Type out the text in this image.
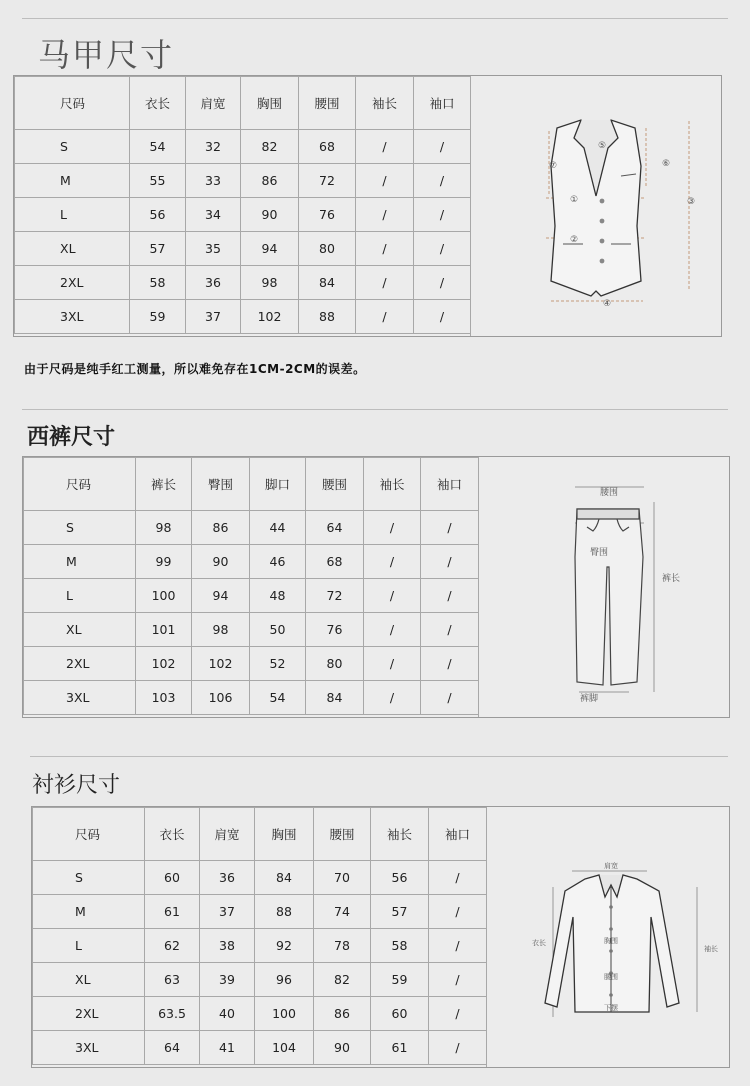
马甲尺寸
尺码	衣长	肩宽	胸围	腰围	袖长	袖口
S	54	32	82	68	/	/
M	55	33	86	72	/	/
L	56	34	90	76	/	/
XL	57	35	94	80	/	/
2XL	58	36	98	84	/	/
3XL	59	37	102	88	/	/
①
②
③
④
⑤
⑥
⑦
由于尺码是纯手红工测量，所以难免存在1CM-2CM的误差。
西裤尺寸
尺码	裤长	臀围	脚口	腰围	袖长	袖口
S	98	86	44	64	/	/
M	99	90	46	68	/	/
L	100	94	48	72	/	/
XL	101	98	50	76	/	/
2XL	102	102	52	80	/	/
3XL	103	106	54	84	/	/
腰围
臀围
裤长
裤脚
衬衫尺寸
尺码	衣长	肩宽	胸围	腰围	袖长	袖口
S	60	36	84	70	56	/
M	61	37	88	74	57	/
L	62	38	92	78	58	/
XL	63	39	96	82	59	/
2XL	63.5	40	100	86	60	/
3XL	64	41	104	90	61	/
肩宽
衣长	胸围
腰围
下摆
袖长
